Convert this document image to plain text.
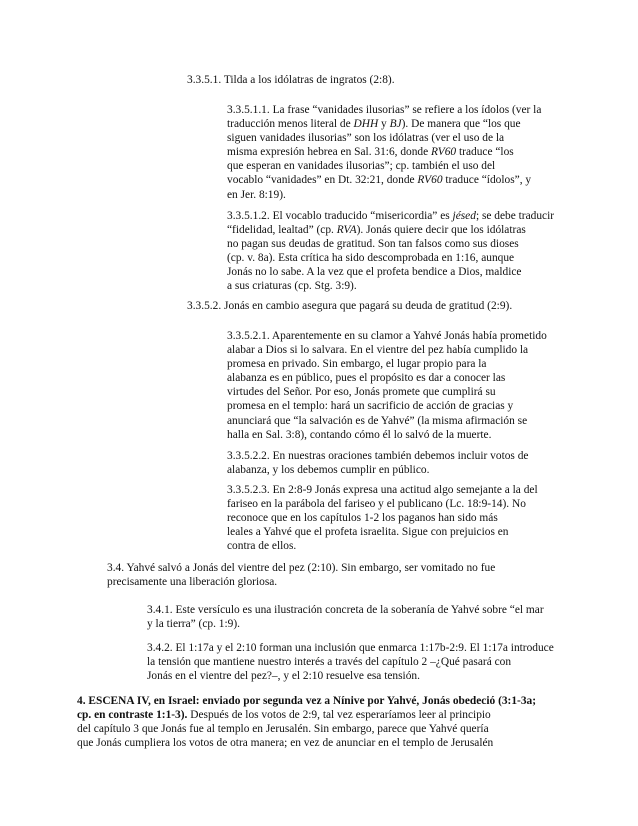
3.3.5.1. Tilda a los idólatras de ingratos (2:8).

3.3.5.1.1. La frase “vanidades ilusorias” se refiere a los ídolos (ver la
traducción menos literal de DHH y BJ). De manera que “los que
siguen vanidades ilusorias” son los idólatras (ver el uso de la
misma expresión hebrea en Sal. 31:6, donde RV60 traduce “los
que esperan en vanidades ilusorias”; cp. también el uso del
vocablo “vanidades” en Dt. 32:21, donde RV60 traduce “ídolos”, y
en Jer. 8:19).
3.3.5.1.2. El vocablo traducido “misericordia” es jésed; se debe traducir
“fidelidad, lealtad” (cp. RVA). Jonás quiere decir que los idólatras
no pagan sus deudas de gratitud. Son tan falsos como sus dioses
(cp. v. 8a). Esta crítica ha sido descomprobada en 1:16, aunque
Jonás no lo sabe. A la vez que el profeta bendice a Dios, maldice
a sus criaturas (cp. Stg. 3:9).

3.3.5.2. Jonás en cambio asegura que pagará su deuda de gratitud (2:9).

3.3.5.2.1. Aparentemente en su clamor a Yahvé Jonás había prometido
alabar a Dios si lo salvara. En el vientre del pez había cumplido la
promesa en privado. Sin embargo, el lugar propio para la
alabanza es en público, pues el propósito es dar a conocer las
virtudes del Señor. Por eso, Jonás promete que cumplirá su
promesa en el templo: hará un sacrificio de acción de gracias y
anunciará que “la salvación es de Yahvé” (la misma afirmación se
halla en Sal. 3:8), contando cómo él lo salvó de la muerte.
3.3.5.2.2. En nuestras oraciones también debemos incluir votos de
alabanza, y los debemos cumplir en público.
3.3.5.2.3. En 2:8-9 Jonás expresa una actitud algo semejante a la del
fariseo en la parábola del fariseo y el publicano (Lc. 18:9-14). No
reconoce que en los capítulos 1-2 los paganos han sido más
leales a Yahvé que el profeta israelita. Sigue con prejuicios en
contra de ellos.
3.4. Yahvé salvó a Jonás del vientre del pez (2:10). Sin embargo, ser vomitado no fue
precisamente una liberación gloriosa.
3.4.1. Este versículo es una ilustración concreta de la soberanía de Yahvé sobre “el mar
y la tierra” (cp. 1:9).
3.4.2. El 1:17a y el 2:10 forman una inclusión que enmarca 1:17b-2:9. El 1:17a introduce
la tensión que mantiene nuestro interés a través del capítulo 2 –¿Qué pasará con
Jonás en el vientre del pez?–, y el 2:10 resuelve esa tensión.
4. ESCENA IV, en Israel: enviado por segunda vez a Nínive por Yahvé, Jonás obedeció (3:1-3a;
cp. en contraste 1:1-3). Después de los votos de 2:9, tal vez esperaríamos leer al principio
del capítulo 3 que Jonás fue al templo en Jerusalén. Sin embargo, parece que Yahvé quería
que Jonás cumpliera los votos de otra manera; en vez de anunciar en el templo de Jerusalén
